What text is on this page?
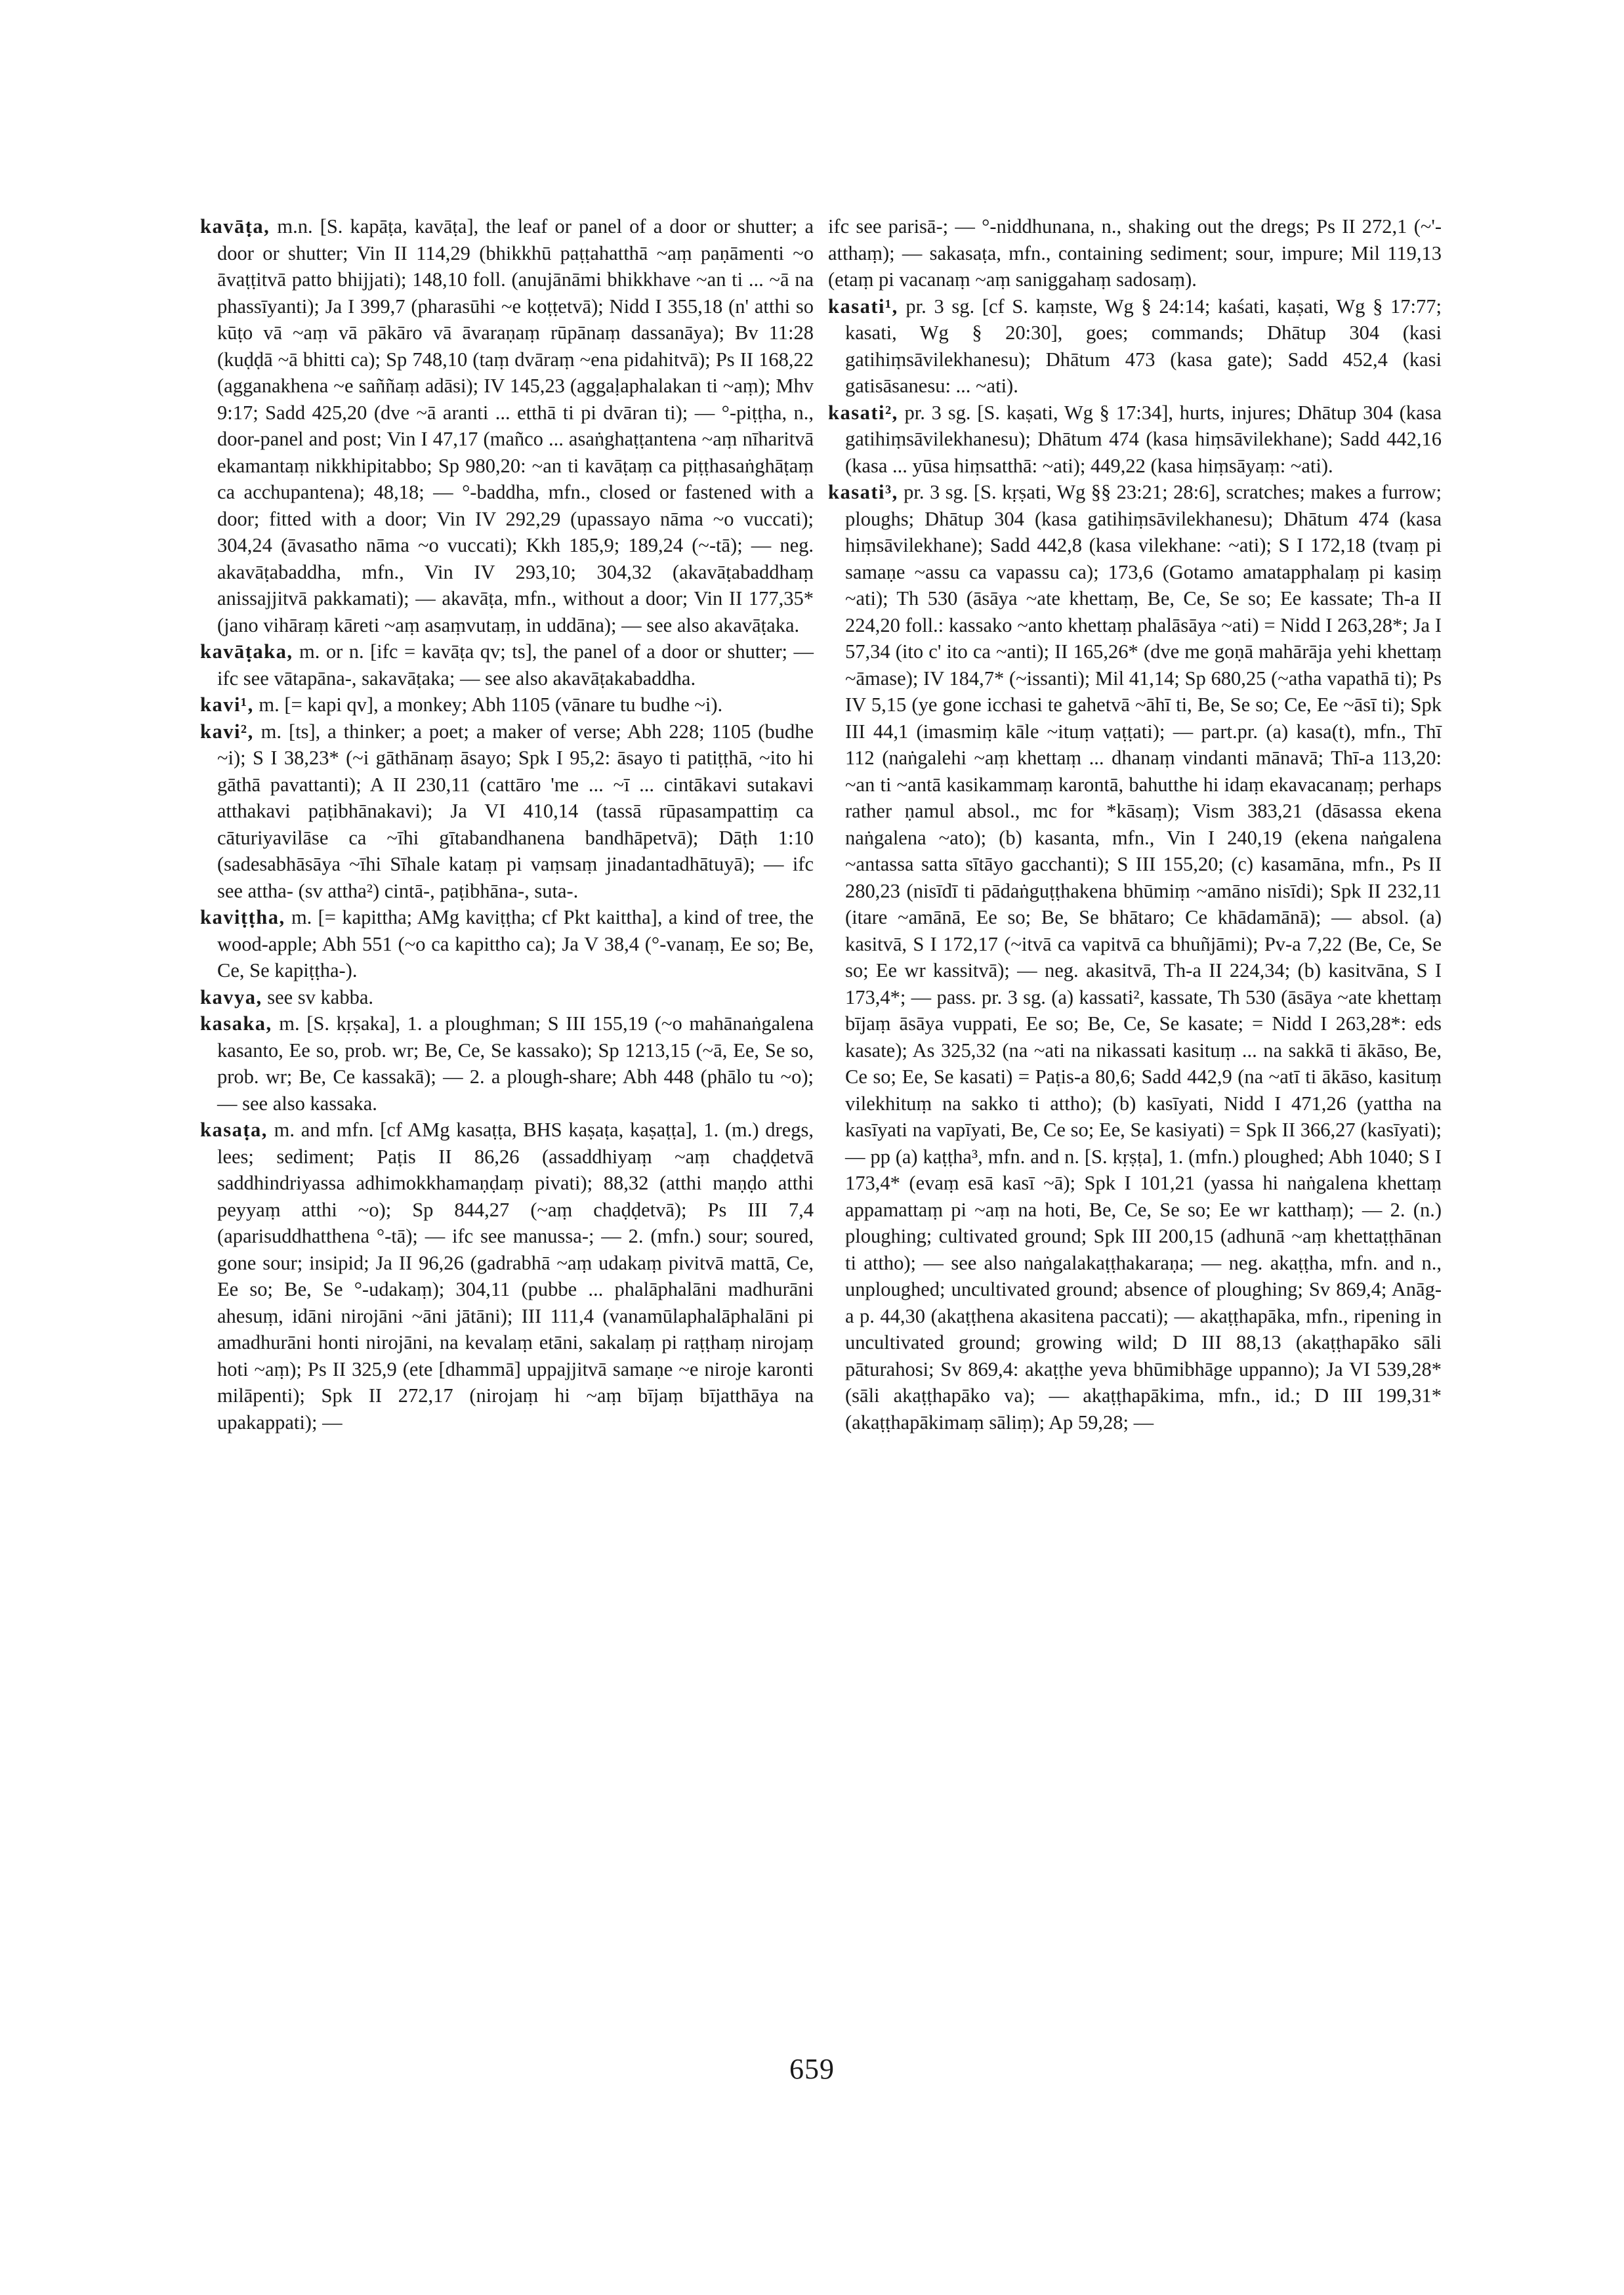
kavāṭa, m.n. [S. kapāṭa, kavāṭa], the leaf or panel of a door or shutter; a door or shutter; Vin II 114,29 (bhikkhū paṭṭahatthā ~aṃ paṇāmenti ~o āvaṭṭitvā patto bhijjati); 148,10 foll. (anujānāmi bhikkhave ~an ti ... ~ā na phassīyanti); Ja I 399,7 (pharasūhi ~e koṭṭetvā); Nidd I 355,18 (n' atthi so kūṭo vā ~aṃ vā pākāro vā āvaraṇaṃ rūpānaṃ dassanāya); Bv 11:28 (kuḍḍā ~ā bhitti ca); Sp 748,10 (taṃ dvāraṃ ~ena pidahitvā); Ps II 168,22 (agganakhena ~e saññaṃ adāsi); IV 145,23 (aggaḷaphalakan ti ~aṃ); Mhv 9:17; Sadd 425,20 (dve ~ā aranti ... etthā ti pi dvāran ti); — °-piṭṭha, n., door-panel and post; Vin I 47,17 (mañco ... asaṅghaṭṭantena ~aṃ nīharitvā ekamantaṃ nikkhipitabbo; Sp 980,20: ~an ti kavāṭaṃ ca piṭṭhasaṅghāṭaṃ ca acchupantena); 48,18; — °-baddha, mfn., closed or fastened with a door; fitted with a door; Vin IV 292,29 (upassayo nāma ~o vuccati); 304,24 (āvasatho nāma ~o vuccati); Kkh 185,9; 189,24 (~-tā); — neg. akavāṭabaddha, mfn., Vin IV 293,10; 304,32 (akavāṭabaddhaṃ anissajjitvā pakkamati); — akavāṭa, mfn., without a door; Vin II 177,35* (jano vihāraṃ kāreti ~aṃ asaṃvutaṃ, in uddāna); — see also akavāṭaka.

kavāṭaka, m. or n. [ifc = kavāṭa qv; ts], the panel of a door or shutter; — ifc see vātapāna-, sakavāṭaka; — see also akavāṭakabaddha.

kavi¹, m. [= kapi qv], a monkey; Abh 1105 (vānare tu budhe ~i).

kavi², m. [ts], a thinker; a poet; a maker of verse; Abh 228; 1105 (budhe ~i); S I 38,23* (~i gāthānaṃ āsayo; Spk I 95,2: āsayo ti patiṭṭhā, ~ito hi gāthā pavattanti); A II 230,11 (cattāro 'me ... ~ī ... cintākavi sutakavi atthakavi paṭibhānakavi); Ja VI 410,14 (tassā rūpasampattiṃ ca cāturiyavilāse ca ~īhi gītabandhanena bandhāpetvā); Dāṭh 1:10 (sadesabhāsāya ~īhi Sīhale kataṃ pi vaṃsaṃ jinadantadhātuyā); — ifc see attha- (sv attha²) cintā-, paṭibhāna-, suta-.

kaviṭṭha, m. [= kapittha; AMg kaviṭṭha; cf Pkt kaittha], a kind of tree, the wood-apple; Abh 551 (~o ca kapittho ca); Ja V 38,4 (°-vanaṃ, Ee so; Be, Ce, Se kapiṭṭha-).

kavya, see sv kabba.

kasaka, m. [S. kṛṣaka], 1. a ploughman; S III 155,19 (~o mahānaṅgalena kasanto, Ee so, prob. wr; Be, Ce, Se kassako); Sp 1213,15 (~ā, Ee, Se so, prob. wr; Be, Ce kassakā); — 2. a plough-share; Abh 448 (phālo tu ~o); — see also kassaka.

kasaṭa, m. and mfn. [cf AMg kasaṭṭa, BHS kaṣaṭa, kaṣaṭṭa], 1. (m.) dregs, lees; sediment; Paṭis II 86,26 (assaddhiyaṃ ~aṃ chaḍḍetvā saddhindriyassa adhimokkhamaṇḍaṃ pivati); 88,32 (atthi maṇḍo atthi peyyaṃ atthi ~o); Sp 844,27 (~aṃ chaḍḍetvā); Ps III 7,4 (aparisuddhatthena °-tā); — ifc see manussa-; — 2. (mfn.) sour; soured, gone sour; insipid; Ja II 96,26 (gadrabhā ~aṃ udakaṃ pivitvā mattā, Ce, Ee so; Be, Se °-udakaṃ); 304,11 (pubbe ... phalāphalāni madhurāni ahesuṃ, idāni nirojāni ~āni jātāni); III 111,4 (vanamūlaphalāphalāni pi amadhurāni honti nirojāni, na kevalaṃ etāni, sakalaṃ pi raṭṭhaṃ nirojaṃ hoti ~aṃ); Ps II 325,9 (ete [dhammā] uppajjitvā samaṇe ~e niroje karonti milāpenti); Spk II 272,17 (nirojaṃ hi ~aṃ bījaṃ bījatthāya na upakappati); —

ifc see parisā-; — °-niddhunana, n., shaking out the dregs; Ps II 272,1 (~'-atthaṃ); — sakasaṭa, mfn., containing sediment; sour, impure; Mil 119,13 (etaṃ pi vacanaṃ ~aṃ saniggahaṃ sadosaṃ).

kasati¹, pr. 3 sg. [cf S. kaṃste, Wg § 24:14; kaśati, kaṣati, Wg § 17:77; kasati, Wg § 20:30], goes; commands; Dhātup 304 (kasi gatihiṃsāvilekhanesu); Dhātum 473 (kasa gate); Sadd 452,4 (kasi gatisāsanesu: ... ~ati).

kasati², pr. 3 sg. [S. kaṣati, Wg § 17:34], hurts, injures; Dhātup 304 (kasa gatihiṃsāvilekhanesu); Dhātum 474 (kasa hiṃsāvilekhane); Sadd 442,16 (kasa ... yūsa hiṃsatthā: ~ati); 449,22 (kasa hiṃsāyaṃ: ~ati).

kasati³, pr. 3 sg. [S. kṛṣati, Wg §§ 23:21; 28:6], scratches; makes a furrow; ploughs; Dhātup 304 (kasa gatihiṃsāvilekhanesu); Dhātum 474 (kasa hiṃsāvilekhane); Sadd 442,8 (kasa vilekhane: ~ati); S I 172,18 (tvaṃ pi samaṇe ~assu ca vapassu ca); 173,6 (Gotamo amatapphalaṃ pi kasiṃ ~ati); Th 530 (āsāya ~ate khettaṃ, Be, Ce, Se so; Ee kassate; Th-a II 224,20 foll.: kassako ~anto khettaṃ phalāsāya ~ati) = Nidd I 263,28*; Ja I 57,34 (ito c' ito ca ~anti); II 165,26* (dve me goṇā mahārāja yehi khettaṃ ~āmase); IV 184,7* (~issanti); Mil 41,14; Sp 680,25 (~atha vapathā ti); Ps IV 5,15 (ye gone icchasi te gahetvā ~āhī ti, Be, Se so; Ce, Ee ~āsī ti); Spk III 44,1 (imasmiṃ kāle ~ituṃ vaṭṭati); — part.pr. (a) kasa(t), mfn., Thī 112 (naṅgalehi ~aṃ khettaṃ ... dhanaṃ vindanti mānavā; Thī-a 113,20: ~an ti ~antā kasikammaṃ karontā, bahutthe hi idaṃ ekavacanaṃ; perhaps rather ṇamul absol., mc for *kāsaṃ); Vism 383,21 (dāsassa ekena naṅgalena ~ato); (b) kasanta, mfn., Vin I 240,19 (ekena naṅgalena ~antassa satta sītāyo gacchanti); S III 155,20; (c) kasamāna, mfn., Ps II 280,23 (nisīdī ti pādaṅguṭṭhakena bhūmiṃ ~amāno nisīdi); Spk II 232,11 (itare ~amānā, Ee so; Be, Se bhātaro; Ce khādamānā); — absol. (a) kasitvā, S I 172,17 (~itvā ca vapitvā ca bhuñjāmi); Pv-a 7,22 (Be, Ce, Se so; Ee wr kassitvā); — neg. akasitvā, Th-a II 224,34; (b) kasitvāna, S I 173,4*; — pass. pr. 3 sg. (a) kassati², kassate, Th 530 (āsāya ~ate khettaṃ bījaṃ āsāya vuppati, Ee so; Be, Ce, Se kasate; = Nidd I 263,28*: eds kasate); As 325,32 (na ~ati na nikassati kasituṃ ... na sakkā ti ākāso, Be, Ce so; Ee, Se kasati) = Paṭis-a 80,6; Sadd 442,9 (na ~atī ti ākāso, kasituṃ vilekhituṃ na sakko ti attho); (b) kasīyati, Nidd I 471,26 (yattha na kasīyati na vapīyati, Be, Ce so; Ee, Se kasiyati) = Spk II 366,27 (kasīyati); — pp (a) kaṭṭha³, mfn. and n. [S. kṛṣṭa], 1. (mfn.) ploughed; Abh 1040; S I 173,4* (evaṃ esā kasī ~ā); Spk I 101,21 (yassa hi naṅgalena khettaṃ appamattaṃ pi ~aṃ na hoti, Be, Ce, Se so; Ee wr katthaṃ); — 2. (n.) ploughing; cultivated ground; Spk III 200,15 (adhunā ~aṃ khettaṭṭhānan ti attho); — see also naṅgalakaṭṭhakaraṇa; — neg. akaṭṭha, mfn. and n., unploughed; uncultivated ground; absence of ploughing; Sv 869,4; Anāg-a p. 44,30 (akaṭṭhena akasitena paccati); — akaṭṭhapāka, mfn., ripening in uncultivated ground; growing wild; D III 88,13 (akaṭṭhapāko sāli pāturahosi; Sv 869,4: akaṭṭhe yeva bhūmibhāge uppanno); Ja VI 539,28* (sāli akaṭṭhapāko va); — akaṭṭhapākima, mfn., id.; D III 199,31* (akaṭṭhapākimaṃ sāliṃ); Ap 59,28; —

659
